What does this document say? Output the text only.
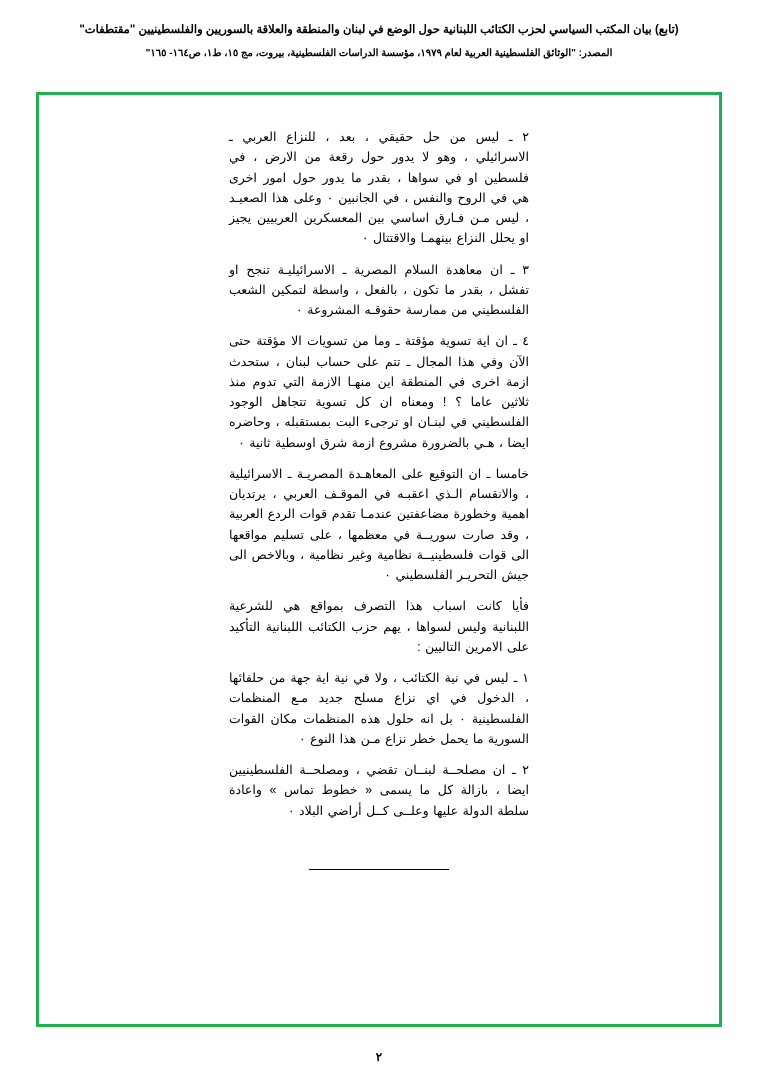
(تابع) بيان المكتب السياسي لحزب الكتائب اللبنانية حول الوضع في لبنان والمنطقة والعلاقة بالسوريين والفلسطينيين "مقتطفات"
المصدر: "الوثائق الفلسطينية العربية لعام ١٩٧٩، مؤسسة الدراسات الفلسطينية، بيروت، مج ١٥، ط١، ص١٦٤- ١٦٥"

٢ ـ ليس من حل حقيقي ، بعد ، للنزاع العربي ـ الاسرائيلي ، وهو لا يدور حول رقعة من الارض ، في فلسطين او في سواها ، بقدر ما يدور حول امور اخرى هي في الروح والنفس ، في الجانبين ٠ وعلى هذا الصعيـد ، ليس مـن فـارق اساسي بين المعسكرين العربيين يجيز او يحلل النزاع بينهمـا والاقتتال ٠

٣ ـ ان معاهدة السلام المصرية ـ الاسرائيليـة تنجح او تفشل ، بقدر ما تكون ، بالفعل ، واسطة لتمكين الشعب الفلسطيني من ممارسة حقوقـه المشروعة ٠

٤ ـ ان اية تسوية مؤقتة ـ وما من تسويات الا مؤقتة حتى الآن وفي هذا المجال ـ تتم على حساب لبنان ، ستحدث ازمة اخرى في المنطقة اين منهـا الازمة التي تدوم منذ ثلاثين عاما ؟ ! ومعناه ان كل تسوية تتجاهل الوجود الفلسطيني في لبنـان او ترجىء البت بمستقبله ، وحاضره ايضا ، هـي بالضرورة مشروع ازمة شرق اوسطية ثانية ٠

خامسا ـ ان التوقيع على المعاهـدة المصريـة ـ الاسرائيلية ، والانقسام الـذي اعقبـه في الموقـف العربي ، يرتديان اهمية وخطورة مضاعفتين عندمـا تقدم قوات الردع العربية ، وقد صارت سوريــة في معظمها ، على تسليم مواقعها الى قوات فلسطينيــة نظامية وغير نظامية ، وبالاخص الى جيش التحريـر الفلسطيني ٠

فأيا كانت اسباب هذا التصرف بمواقع هي للشرعية اللبنانية وليس لسواها ، يهم حزب الكتائب اللبنانية التأكيد على الامرين التاليين :

١ ـ ليس في نية الكتائب ، ولا في نية اية جهة من حلفائها ، الدخول في اي نزاع مسلح جديد مـع المنظمات الفلسطينية ٠ بل انه حلول هذه المنظمات مكان القوات السورية ما يحمل خطر نزاع مـن هذا النوع ٠

٢ ـ ان مصلحــة لبنــان تقضي ، ومصلحــة الفلسطينيين ايضا ، بازالة كل ما يسمى « خطوط تماس » واعادة سلطة الدولة عليها وعلــى كــل أراضي البلاد ٠

٢
